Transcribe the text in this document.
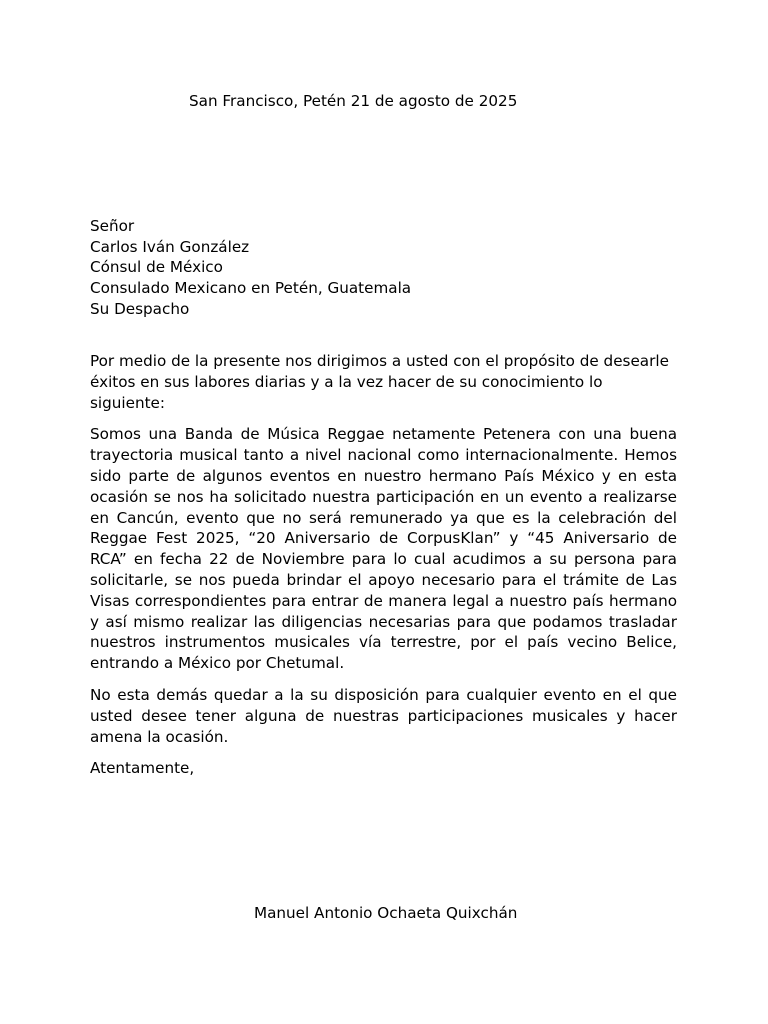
San Francisco, Petén 21 de agosto de 2025
Señor
Carlos Iván González
Cónsul de México
Consulado Mexicano en Petén, Guatemala
Su Despacho

Por medio de la presente nos dirigimos a usted con el propósito de desearle éxitos en sus labores diarias y a la vez hacer de su conocimiento lo siguiente:

Somos una Banda de Música Reggae netamente Petenera con una buena trayectoria musical tanto a nivel nacional como internacionalmente. Hemos sido parte de algunos eventos en nuestro hermano País México y en esta ocasión se nos ha solicitado nuestra participación en un evento a realizarse en Cancún, evento que no será remunerado ya que es la celebración del Reggae Fest 2025, “20 Aniversario de CorpusKlan” y “45 Aniversario de RCA” en fecha 22 de Noviembre para lo cual acudimos a su persona para solicitarle, se nos pueda brindar el apoyo necesario para el trámite de Las Visas correspondientes para entrar de manera legal a nuestro país hermano y así mismo realizar las diligencias necesarias para que podamos trasladar nuestros instrumentos musicales vía terrestre, por el país vecino Belice, entrando a México por Chetumal.

No esta demás quedar a la su disposición para cualquier evento en el que usted desee tener alguna de nuestras participaciones musicales y hacer amena la ocasión.

Atentamente,

Manuel Antonio Ochaeta Quixchán
